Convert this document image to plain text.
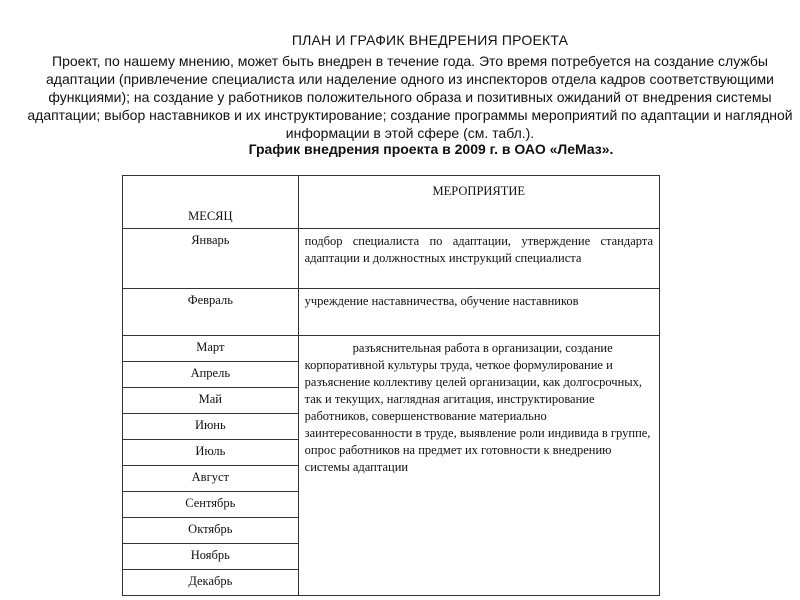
ПЛАН И ГРАФИК ВНЕДРЕНИЯ ПРОЕКТА
Проект, по нашему мнению, может быть внедрен в течение года. Это время потребуется на создание службы адаптации (привлечение специалиста или наделение одного из инспекторов отдела кадров соответствующими функциями); на создание у работников положительного образа и позитивных ожиданий от внедрения системы адаптации; выбор наставников и их инструктирование; создание программы мероприятий по адаптации и наглядной информации в этой сфере (см. табл.).
График внедрения проекта в 2009 г. в ОАО «ЛеМаз».
МЕСЯЦ	МЕРОПРИЯТИЕ
Январь	подбор специалиста по адаптации, утверждение стандарта адаптации и должностных инструкций специалиста
Февраль	учреждение наставничества, обучение наставников
Март	разъяснительная работа в организации, создание корпоративной культуры труда, четкое формулирование и разъяснение коллективу целей организации, как долгосрочных, так и текущих, наглядная агитация, инструктирование работников, совершенствование материально заинтересованности в труде, выявление роли индивида в группе, опрос работников на предмет их готовности к внедрению системы адаптации
Апрель	
Май	
Июнь	
Июль	
Август	
Сентябрь	
Октябрь	
Ноябрь	
Декабрь	
